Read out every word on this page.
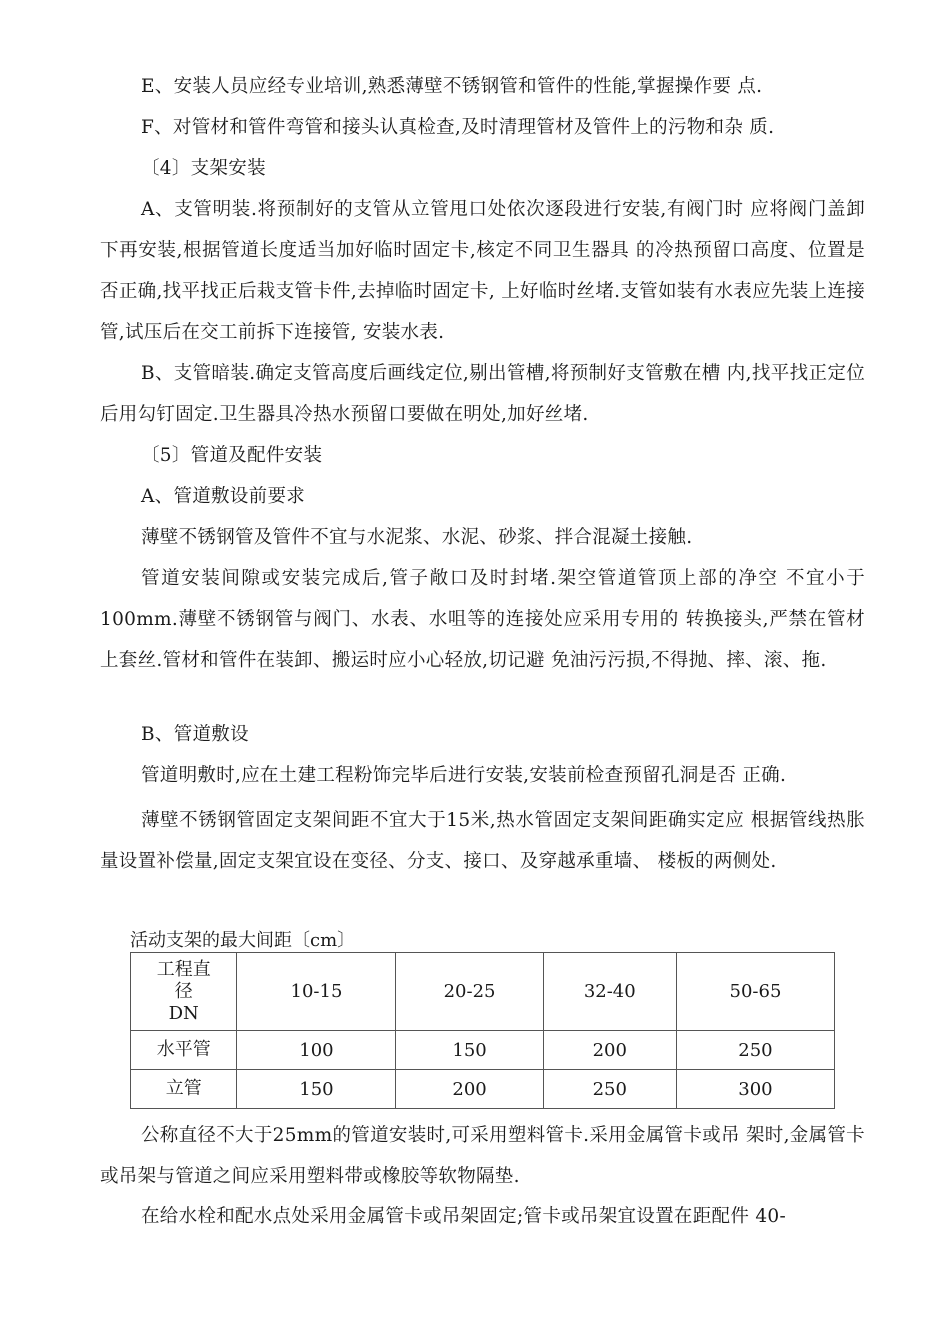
E、安装人员应经专业培训,熟悉薄壁不锈钢管和管件的性能,掌握操作要 点.

F、对管材和管件弯管和接头认真检查,及时清理管材及管件上的污物和杂 质.

〔4〕支架安装

A、支管明装.将预制好的支管从立管甩口处依次逐段进行安装,有阀门时 应将阀门盖卸下再安装,根据管道长度适当加好临时固定卡,核定不同卫生器具 的冷热预留口高度、位置是否正确,找平找正后栽支管卡件,去掉临时固定卡, 上好临时丝堵.支管如装有水表应先装上连接管,试压后在交工前拆下连接管, 安装水表.

B、支管暗装.确定支管高度后画线定位,剔出管槽,将预制好支管敷在槽 内,找平找正定位后用勾钉固定.卫生器具冷热水预留口要做在明处,加好丝堵.

〔5〕管道及配件安装

A、管道敷设前要求

薄壁不锈钢管及管件不宜与水泥浆、水泥、砂浆、拌合混凝土接触.

管道安装间隙或安装完成后,管子敞口及时封堵.架空管道管顶上部的净空 不宜小于100mm.薄壁不锈钢管与阀门、水表、水咀等的连接处应采用专用的 转换接头,严禁在管材上套丝.管材和管件在装卸、搬运时应小心轻放,切记避 免油污污损,不得抛、摔、滚、拖.

B、管道敷设

管道明敷时,应在土建工程粉饰完毕后进行安装,安装前检查预留孔洞是否 正确.

薄壁不锈钢管固定支架间距不宜大于15米,热水管固定支架间距确实定应 根据管线热胀量设置补偿量,固定支架宜设在变径、分支、接口、及穿越承重墙、 楼板的两侧处.

活动支架的最大间距〔cm〕

工程直
径
DN	10-15	20-25	32-40	50-65
水平管	100	150	200	250
立管	150	200	250	300

公称直径不大于25mm的管道安装时,可采用塑料管卡.采用金属管卡或吊 架时,金属管卡或吊架与管道之间应采用塑料带或橡胶等软物隔垫.

在给水栓和配水点处采用金属管卡或吊架固定;管卡或吊架宜设置在距配件 40-
